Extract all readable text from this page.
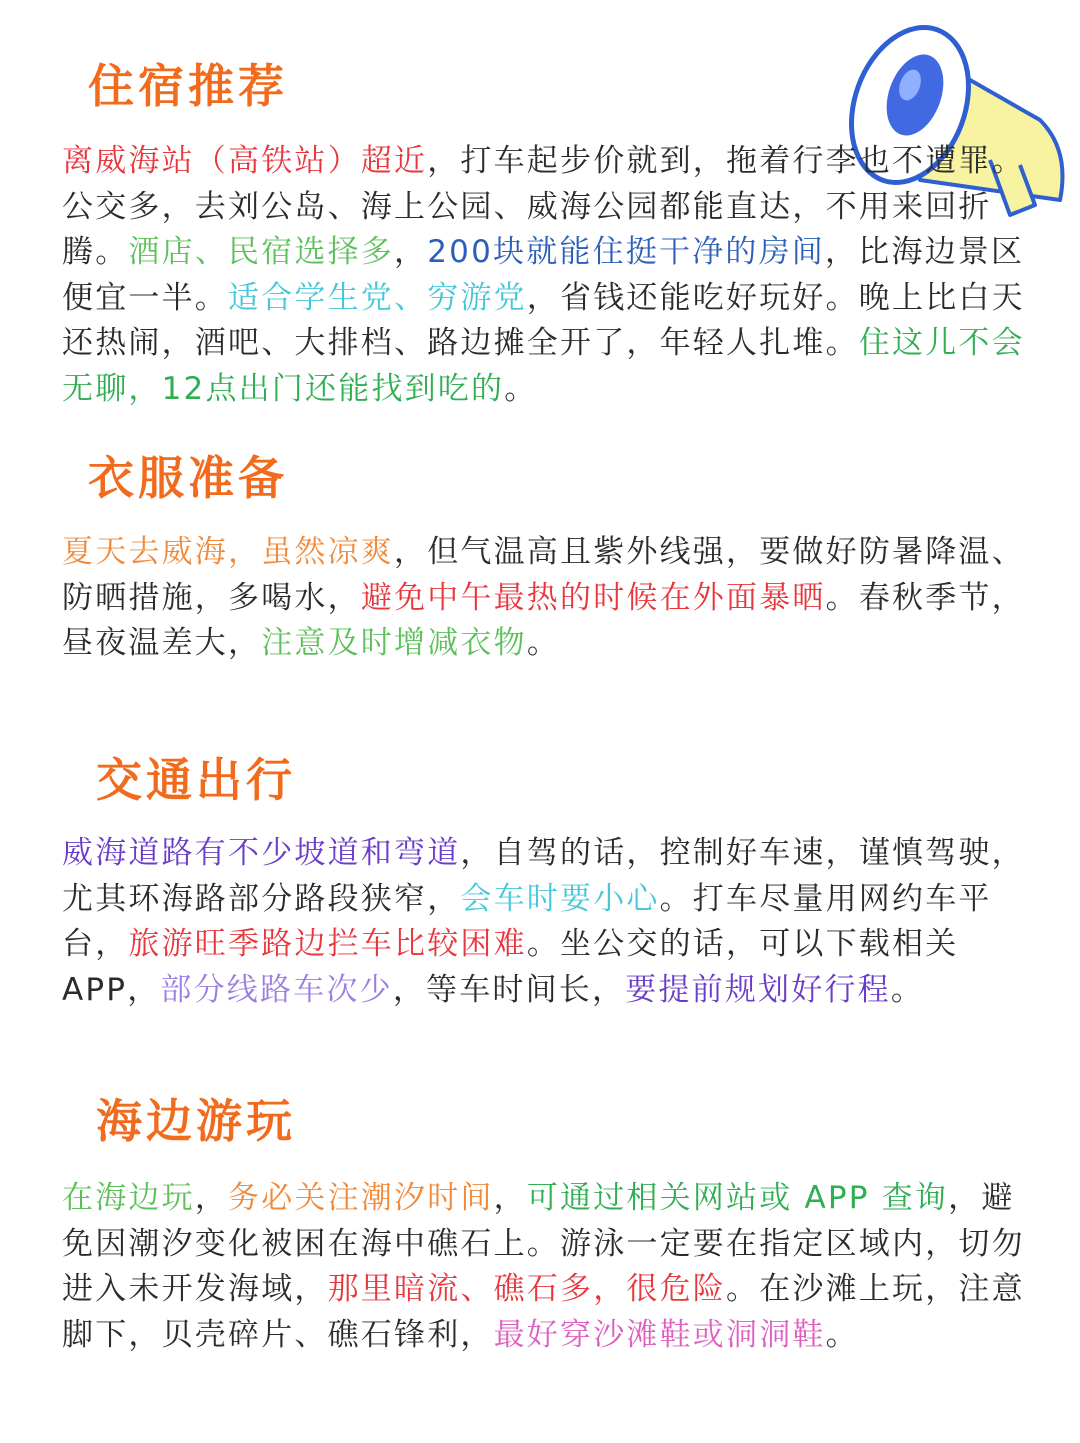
住宿推荐

离威海站（高铁站）超近，打车起步价就到，拖着行李也不遭罪。公交多，去刘公岛、海上公园、威海公园都能直达，不用来回折腾。酒店、民宿选择多，200块就能住挺干净的房间，比海边景区便宜一半。适合学生党、穷游党，省钱还能吃好玩好。晚上比白天还热闹，酒吧、大排档、路边摊全开了，年轻人扎堆。住这儿不会无聊，12点出门还能找到吃的。

衣服准备

夏天去威海，虽然凉爽，但气温高且紫外线强，要做好防暑降温、防晒措施，多喝水，避免中午最热的时候在外面暴晒。春秋季节，昼夜温差大，注意及时增减衣物。

交通出行

威海道路有不少坡道和弯道，自驾的话，控制好车速，谨慎驾驶，尤其环海路部分路段狭窄，会车时要小心。打车尽量用网约车平台，旅游旺季路边拦车比较困难。坐公交的话，可以下载相关APP，部分线路车次少，等车时间长，要提前规划好行程。

海边游玩

在海边玩，务必关注潮汐时间，可通过相关网站或 APP 查询，避免因潮汐变化被困在海中礁石上。游泳一定要在指定区域内，切勿进入未开发海域，那里暗流、礁石多，很危险。在沙滩上玩，注意脚下，贝壳碎片、礁石锋利，最好穿沙滩鞋或洞洞鞋。
